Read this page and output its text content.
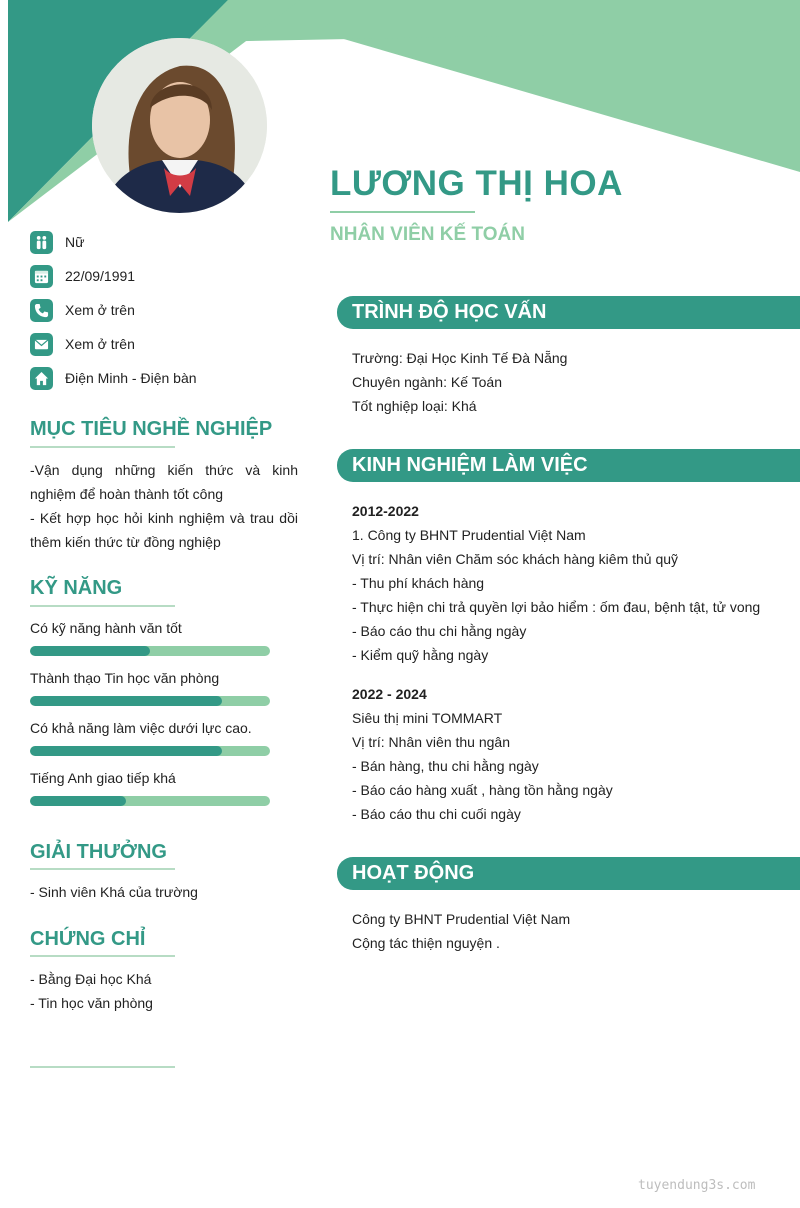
LƯƠNG THỊ HOA
NHÂN VIÊN KẾ TOÁN
Nữ
22/09/1991
Xem ở trên
Xem ở trên
Điện Minh - Điện bàn
MỤC TIÊU NGHỀ NGHIỆP
-Vận dụng những kiến thức và kinh nghiệm để hoàn thành tốt công
- Kết hợp học hỏi kinh nghiệm và trau dồi thêm kiến thức từ đồng nghiệp
KỸ NĂNG
Có kỹ năng hành văn tốt
Thành thạo Tin học văn phòng
Có khả năng làm việc dưới lực cao.
Tiếng Anh giao tiếp khá
GIẢI THƯỞNG
- Sinh viên Khá của trường
CHỨNG CHỈ
- Bằng Đại học Khá
- Tin học văn phòng
TRÌNH ĐỘ HỌC VẤN
Trường: Đại Học Kinh Tế Đà Nẵng
Chuyên ngành: Kế Toán
Tốt nghiệp loại: Khá
KINH NGHIỆM LÀM VIỆC
2012-2022
1. Công ty BHNT Prudential Việt Nam
Vị trí: Nhân viên Chăm sóc khách hàng kiêm thủ quỹ
- Thu phí khách hàng
- Thực hiện chi trả quyền lợi bảo hiểm : ốm đau, bệnh tật, tử vong
- Báo cáo thu chi hằng ngày
- Kiểm quỹ hằng ngày
2022 - 2024
Siêu thị mini TOMMART
Vị trí: Nhân viên thu ngân
- Bán hàng, thu chi hằng ngày
- Báo cáo hàng xuất , hàng tồn hằng ngày
- Báo cáo thu chi cuối ngày
HOẠT ĐỘNG
Công ty BHNT Prudential Việt Nam
Cộng tác thiện nguyện .
tuyendung3s.com
